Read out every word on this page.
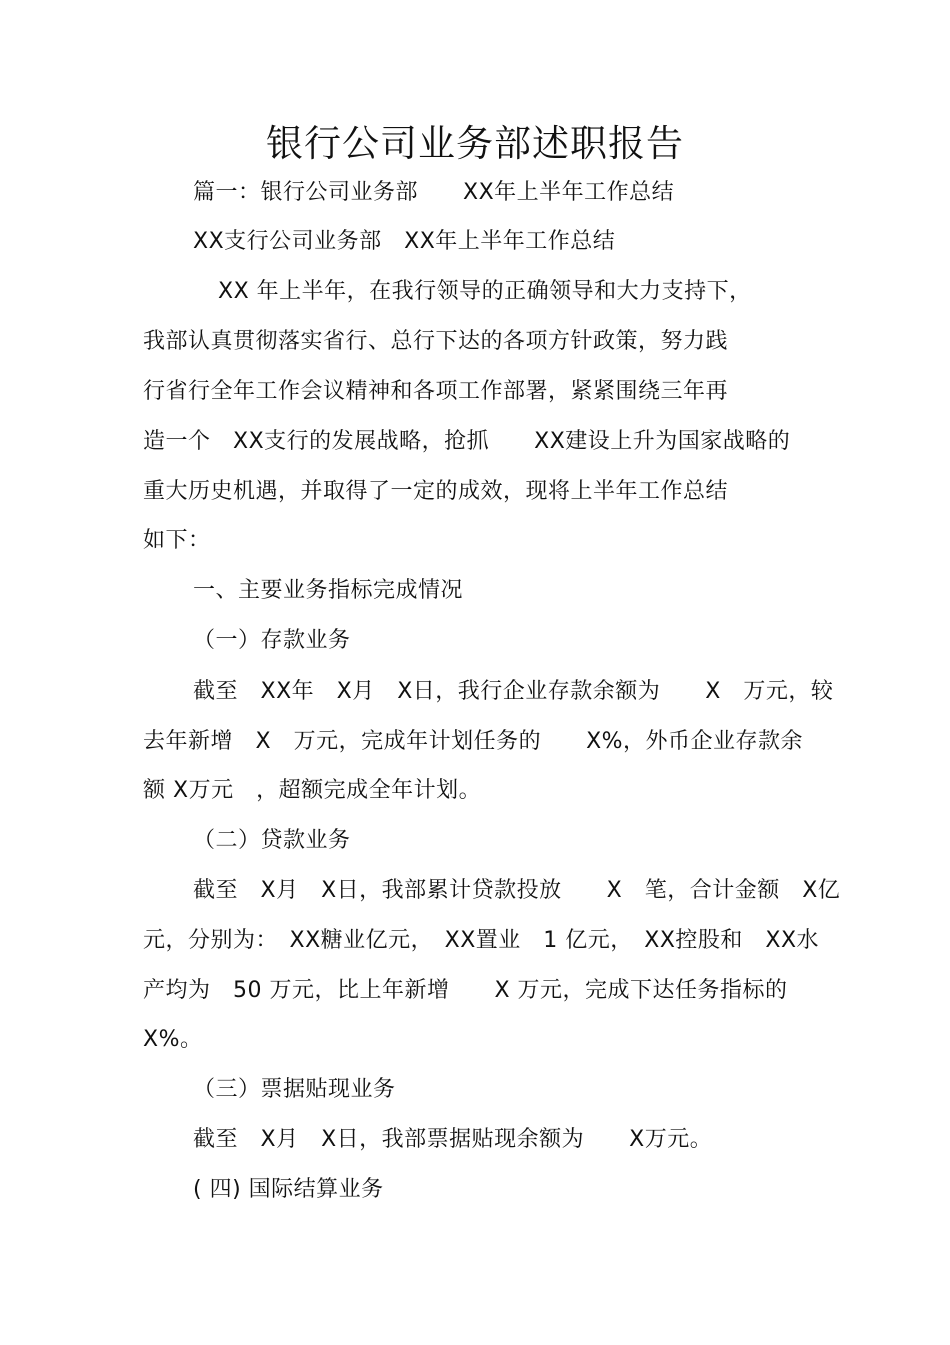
银行公司业务部述职报告
篇一：银行公司业务部　　XX年上半年工作总结
XX支行公司业务部　XX年上半年工作总结
XX 年上半年，在我行领导的正确领导和大力支持下，
我部认真贯彻落实省行、总行下达的各项方针政策，努力践
行省行全年工作会议精神和各项工作部署，紧紧围绕三年再
造一个　XX支行的发展战略，抢抓　　XX建设上升为国家战略的
重大历史机遇，并取得了一定的成效，现将上半年工作总结
如下：
一、主要业务指标完成情况
（一）存款业务
截至　XX年　X月　X日，我行企业存款余额为　　X　万元，较
去年新增　X　万元，完成年计划任务的　　X%，外币企业存款余
额 X万元　，超额完成全年计划。
（二）贷款业务
截至　X月　X日，我部累计贷款投放　　X　笔，合计金额　X亿
元，分别为：　XX糖业亿元，　XX置业　1 亿元，　XX控股和　XX水
产均为　50 万元，比上年新增　　X 万元，完成下达任务指标的
X%。
（三）票据贴现业务
截至　X月　X日，我部票据贴现余额为　　X万元。
( 四) 国际结算业务
